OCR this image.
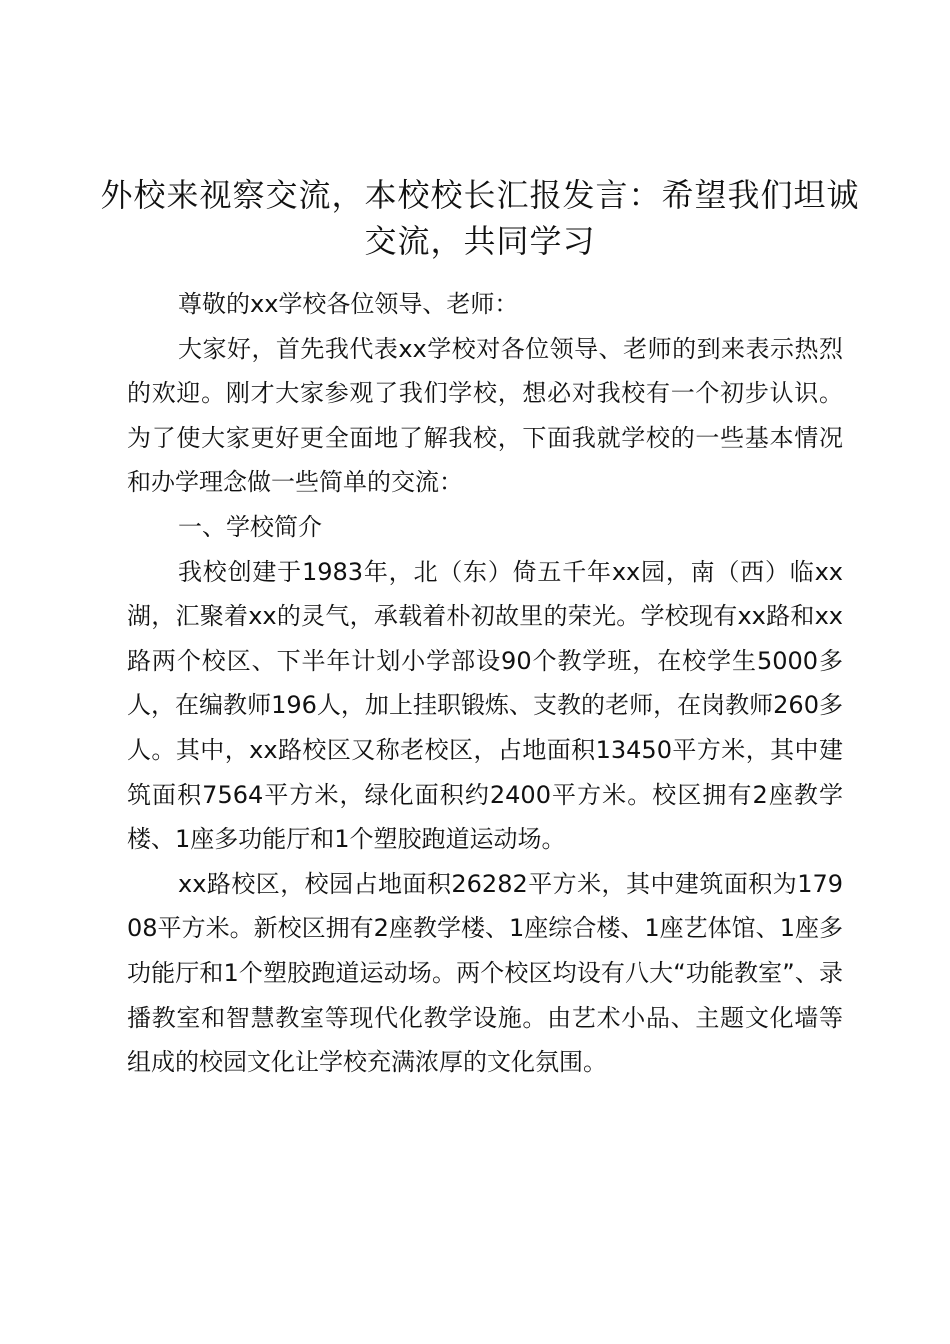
外校来视察交流，本校校长汇报发言：希望我们坦诚交流，共同学习

尊敬的xx学校各位领导、老师：

大家好，首先我代表xx学校对各位领导、老师的到来表示热烈的欢迎。刚才大家参观了我们学校，想必对我校有一个初步认识。为了使大家更好更全面地了解我校，下面我就学校的一些基本情况和办学理念做一些简单的交流：

一、学校简介

我校创建于1983年，北（东）倚五千年xx园，南（西）临xx湖，汇聚着xx的灵气，承载着朴初故里的荣光。学校现有xx路和xx路两个校区、下半年计划小学部设90个教学班，在校学生5000多人，在编教师196人，加上挂职锻炼、支教的老师，在岗教师260多人。其中，xx路校区又称老校区，占地面积13450平方米，其中建筑面积7564平方米，绿化面积约2400平方米。校区拥有2座教学楼、1座多功能厅和1个塑胶跑道运动场。

xx路校区，校园占地面积26282平方米，其中建筑面积为17908平方米。新校区拥有2座教学楼、1座综合楼、1座艺体馆、1座多功能厅和1个塑胶跑道运动场。两个校区均设有八大“功能教室”、录播教室和智慧教室等现代化教学设施。由艺术小品、主题文化墙等组成的校园文化让学校充满浓厚的文化氛围。
